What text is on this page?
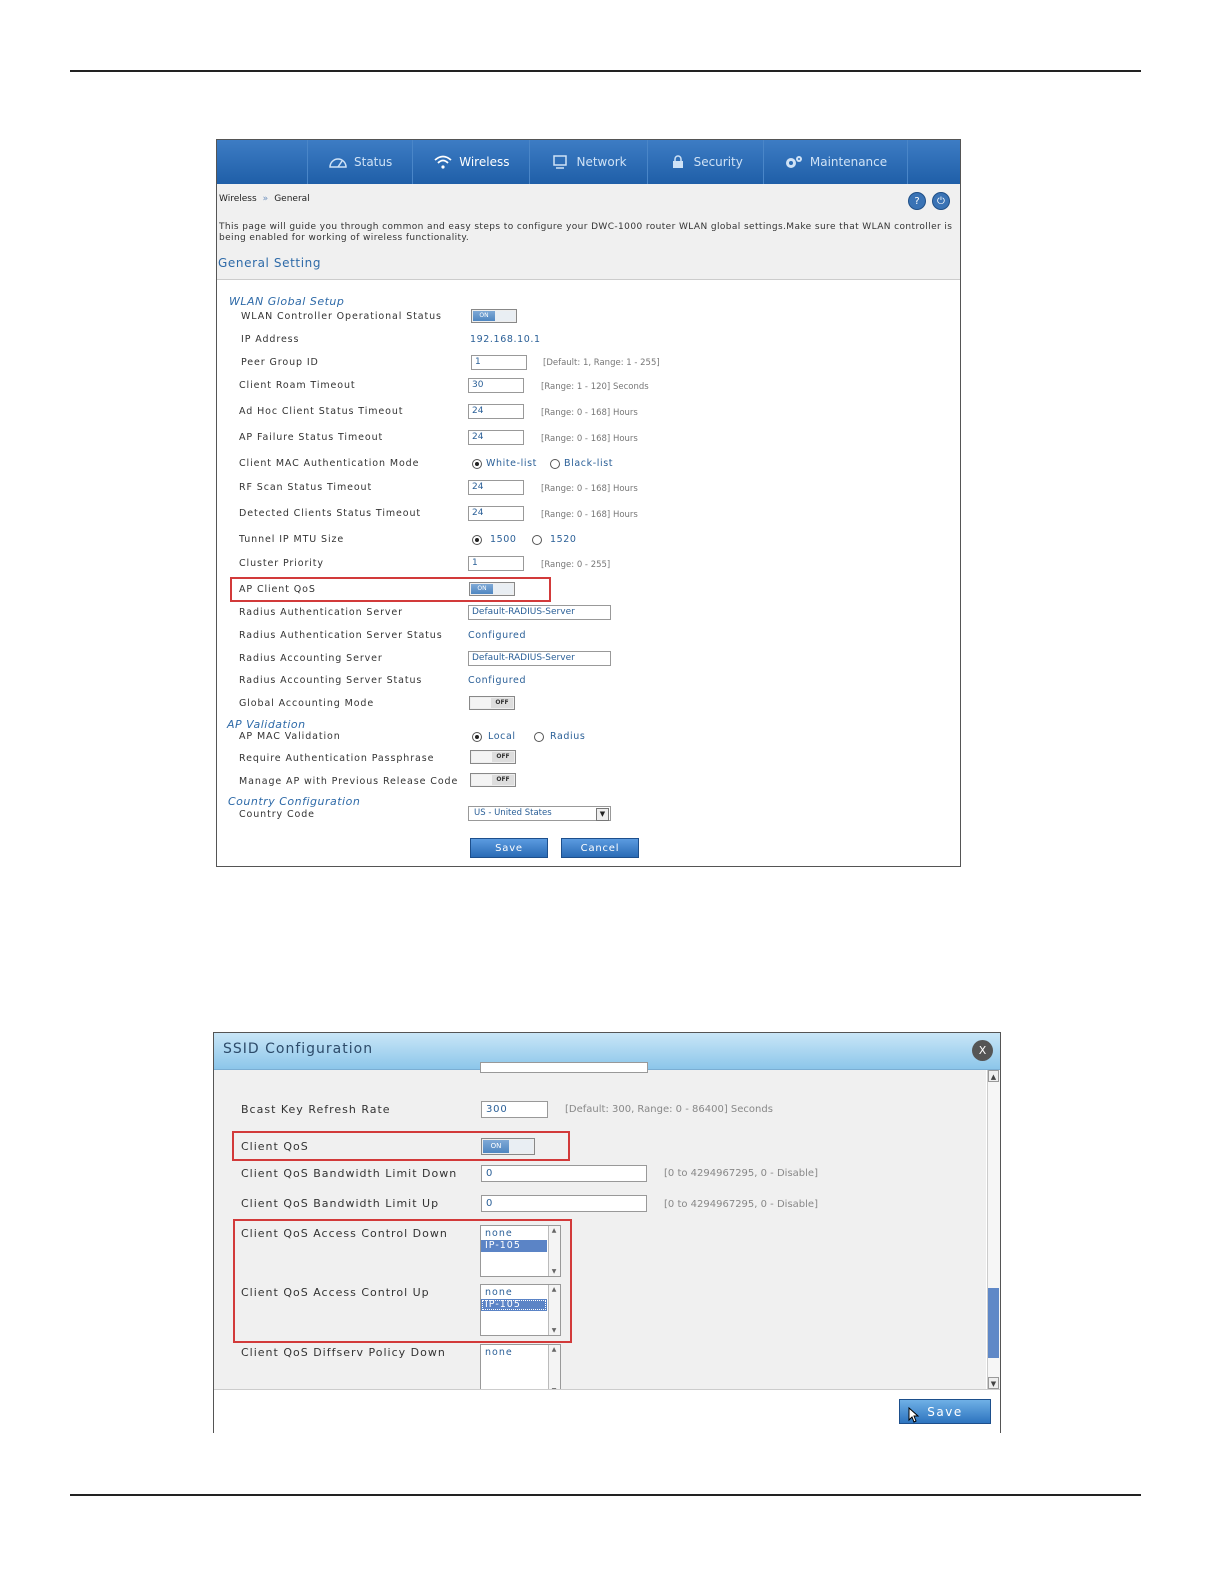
Status	Wireless	Network	Security	Maintenance
Wireless » General	?	⏻
This page will guide you through common and easy steps to configure your DWC-1000 router WLAN global settings.Make sure that WLAN controller is being enabled for working of wireless functionality.
General Setting
WLAN Global Setup
WLAN Controller Operational Status	ON
IP Address	192.168.10.1
Peer Group ID	1	[Default: 1, Range: 1 - 255]
Client Roam Timeout	30	[Range: 1 - 120] Seconds
Ad Hoc Client Status Timeout	24	[Range: 0 - 168] Hours
AP Failure Status Timeout	24	[Range: 0 - 168] Hours
Client MAC Authentication Mode	White-list	Black-list
RF Scan Status Timeout	24	[Range: 0 - 168] Hours
Detected Clients Status Timeout	24	[Range: 0 - 168] Hours
Tunnel IP MTU Size	1500	1520
Cluster Priority	1	[Range: 0 - 255]
AP Client QoS	ON
Radius Authentication Server	Default-RADIUS-Server
Radius Authentication Server Status	Configured
Radius Accounting Server	Default-RADIUS-Server
Radius Accounting Server Status	Configured
Global Accounting Mode	OFF
AP Validation
AP MAC Validation	Local	Radius
Require Authentication Passphrase	OFF
Manage AP with Previous Release Code	OFF
Country Configuration
Country Code	US - United States	▼
Save	Cancel
SSID Configuration	X
Bcast Key Refresh Rate	300	[Default: 300, Range: 0 - 86400] Seconds
Client QoS	ON
Client QoS Bandwidth Limit Down	0	[0 to 4294967295, 0 - Disable]
Client QoS Bandwidth Limit Up	0	[0 to 4294967295, 0 - Disable]
Client QoS Access Control Down	none
IP-105
▲
▼
Client QoS Access Control Up	none
IP-105
▲
▼
Client QoS Diffserv Policy Down	none	▲
▲
▼
Save
